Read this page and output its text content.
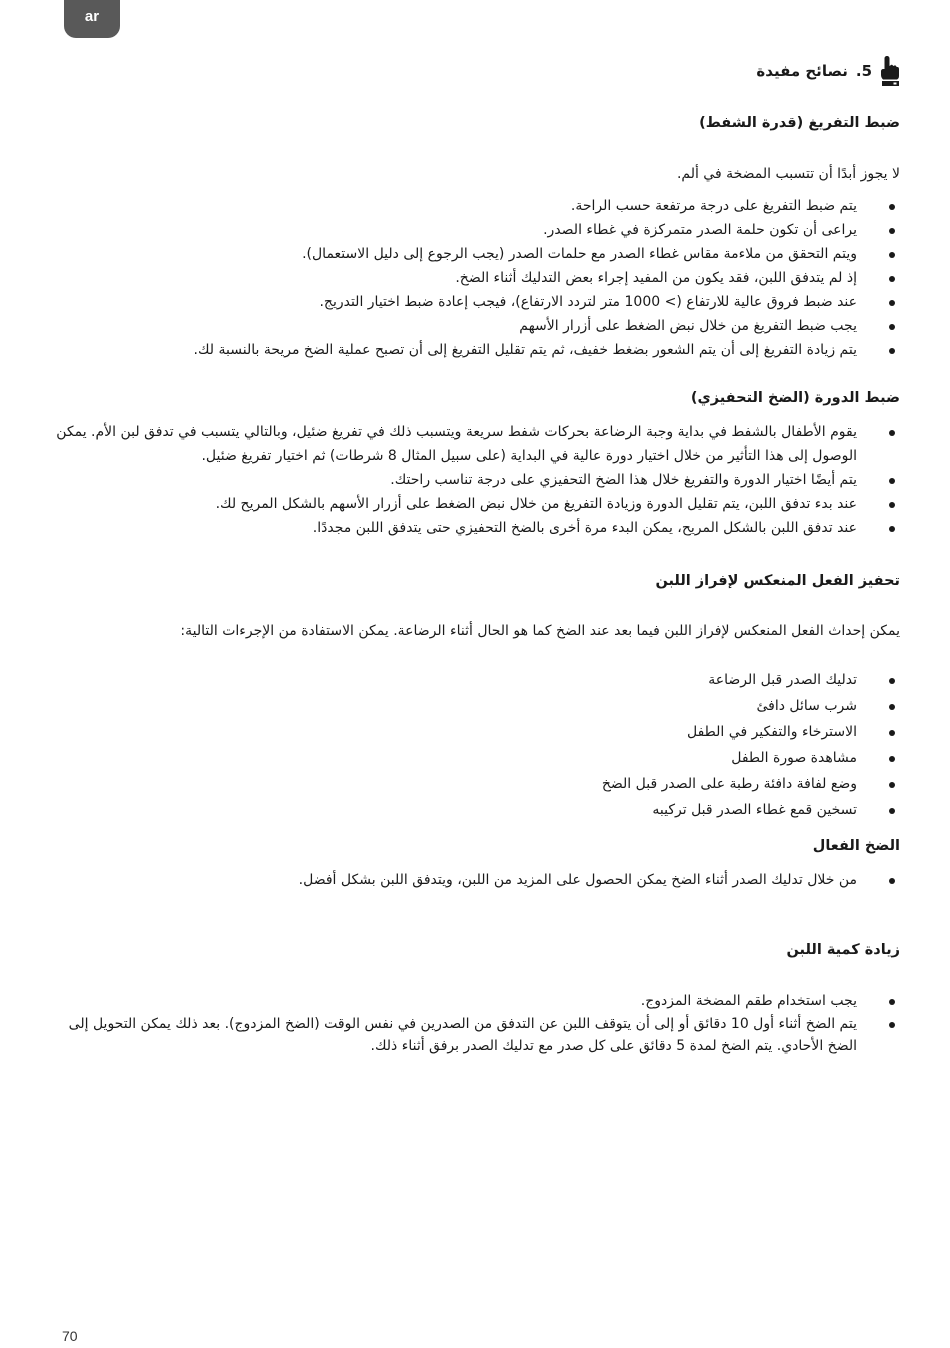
ar
5.
نصائح مفيدة
ضبط التفريغ (قدرة الشفط)
لا يجوز أبدًا أن تتسبب المضخة في ألم.
يتم ضبط التفريغ على درجة مرتفعة حسب الراحة.
يراعى أن تكون حلمة الصدر متمركزة في غطاء الصدر.
ويتم التحقق من ملاءمة مقاس غطاء الصدر مع حلمات الصدر (يجب الرجوع إلى دليل الاستعمال).
إذ لم يتدفق اللبن، فقد يكون من المفيد إجراء بعض التدليك أثناء الضخ.
عند ضبط فروق عالية للارتفاع (> 1000 متر لتردد الارتفاع)، فيجب إعادة ضبط اختيار التدريج.
يجب ضبط التفريغ من خلال نبض الضغط على أزرار الأسهم
يتم زيادة التفريغ إلى أن يتم الشعور بضغط خفيف، ثم يتم تقليل التفريغ إلى أن تصبح عملية الضخ مريحة بالنسبة لك.
ضبط الدورة (الضخ التحفيزي)
يقوم الأطفال بالشفط في بداية وجبة الرضاعة بحركات شفط سريعة ويتسبب ذلك في تفريغ ضئيل، وبالتالي يتسبب في تدفق لبن الأم. يمكن الوصول إلى هذا التأثير من خلال اختيار دورة عالية في البداية (على سبيل المثال 8 شرطات) ثم اختيار تفريغ ضئيل.
يتم أيضًا اختيار الدورة والتفريغ خلال هذا الضخ التحفيزي على درجة تناسب راحتك.
عند بدء تدفق اللبن، يتم تقليل الدورة وزيادة التفريغ من خلال نبض الضغط على أزرار الأسهم بالشكل المريح لك.
عند تدفق اللبن بالشكل المريح، يمكن البدء مرة أخرى بالضخ التحفيزي حتى يتدفق اللبن مجددًا.
تحفيز الفعل المنعكس لإفراز اللبن
يمكن إحداث الفعل المنعكس لإفراز اللبن فيما بعد عند الضخ كما هو الحال أثناء الرضاعة. يمكن الاستفادة من الإجرءات التالية:
تدليك الصدر قبل الرضاعة
شرب سائل دافئ
الاسترخاء والتفكير في الطفل
مشاهدة صورة الطفل
وضع لفافة دافئة رطبة على الصدر قبل الضخ
تسخين قمع غطاء الصدر قبل تركيبه
الضخ الفعال
من خلال تدليك الصدر أثناء الضخ يمكن الحصول على المزيد من اللبن، ويتدفق اللبن بشكل أفضل.
زيادة كمية اللبن
يجب استخدام طقم المضخة المزدوج.
يتم الضخ أثناء أول 10 دقائق أو إلى أن يتوقف اللبن عن التدفق من الصدرين في نفس الوقت (الضخ المزدوج). بعد ذلك يمكن التحويل إلى الضخ الأحادي. يتم الضخ لمدة 5 دقائق على كل صدر مع تدليك الصدر برفق أثناء ذلك.
70
